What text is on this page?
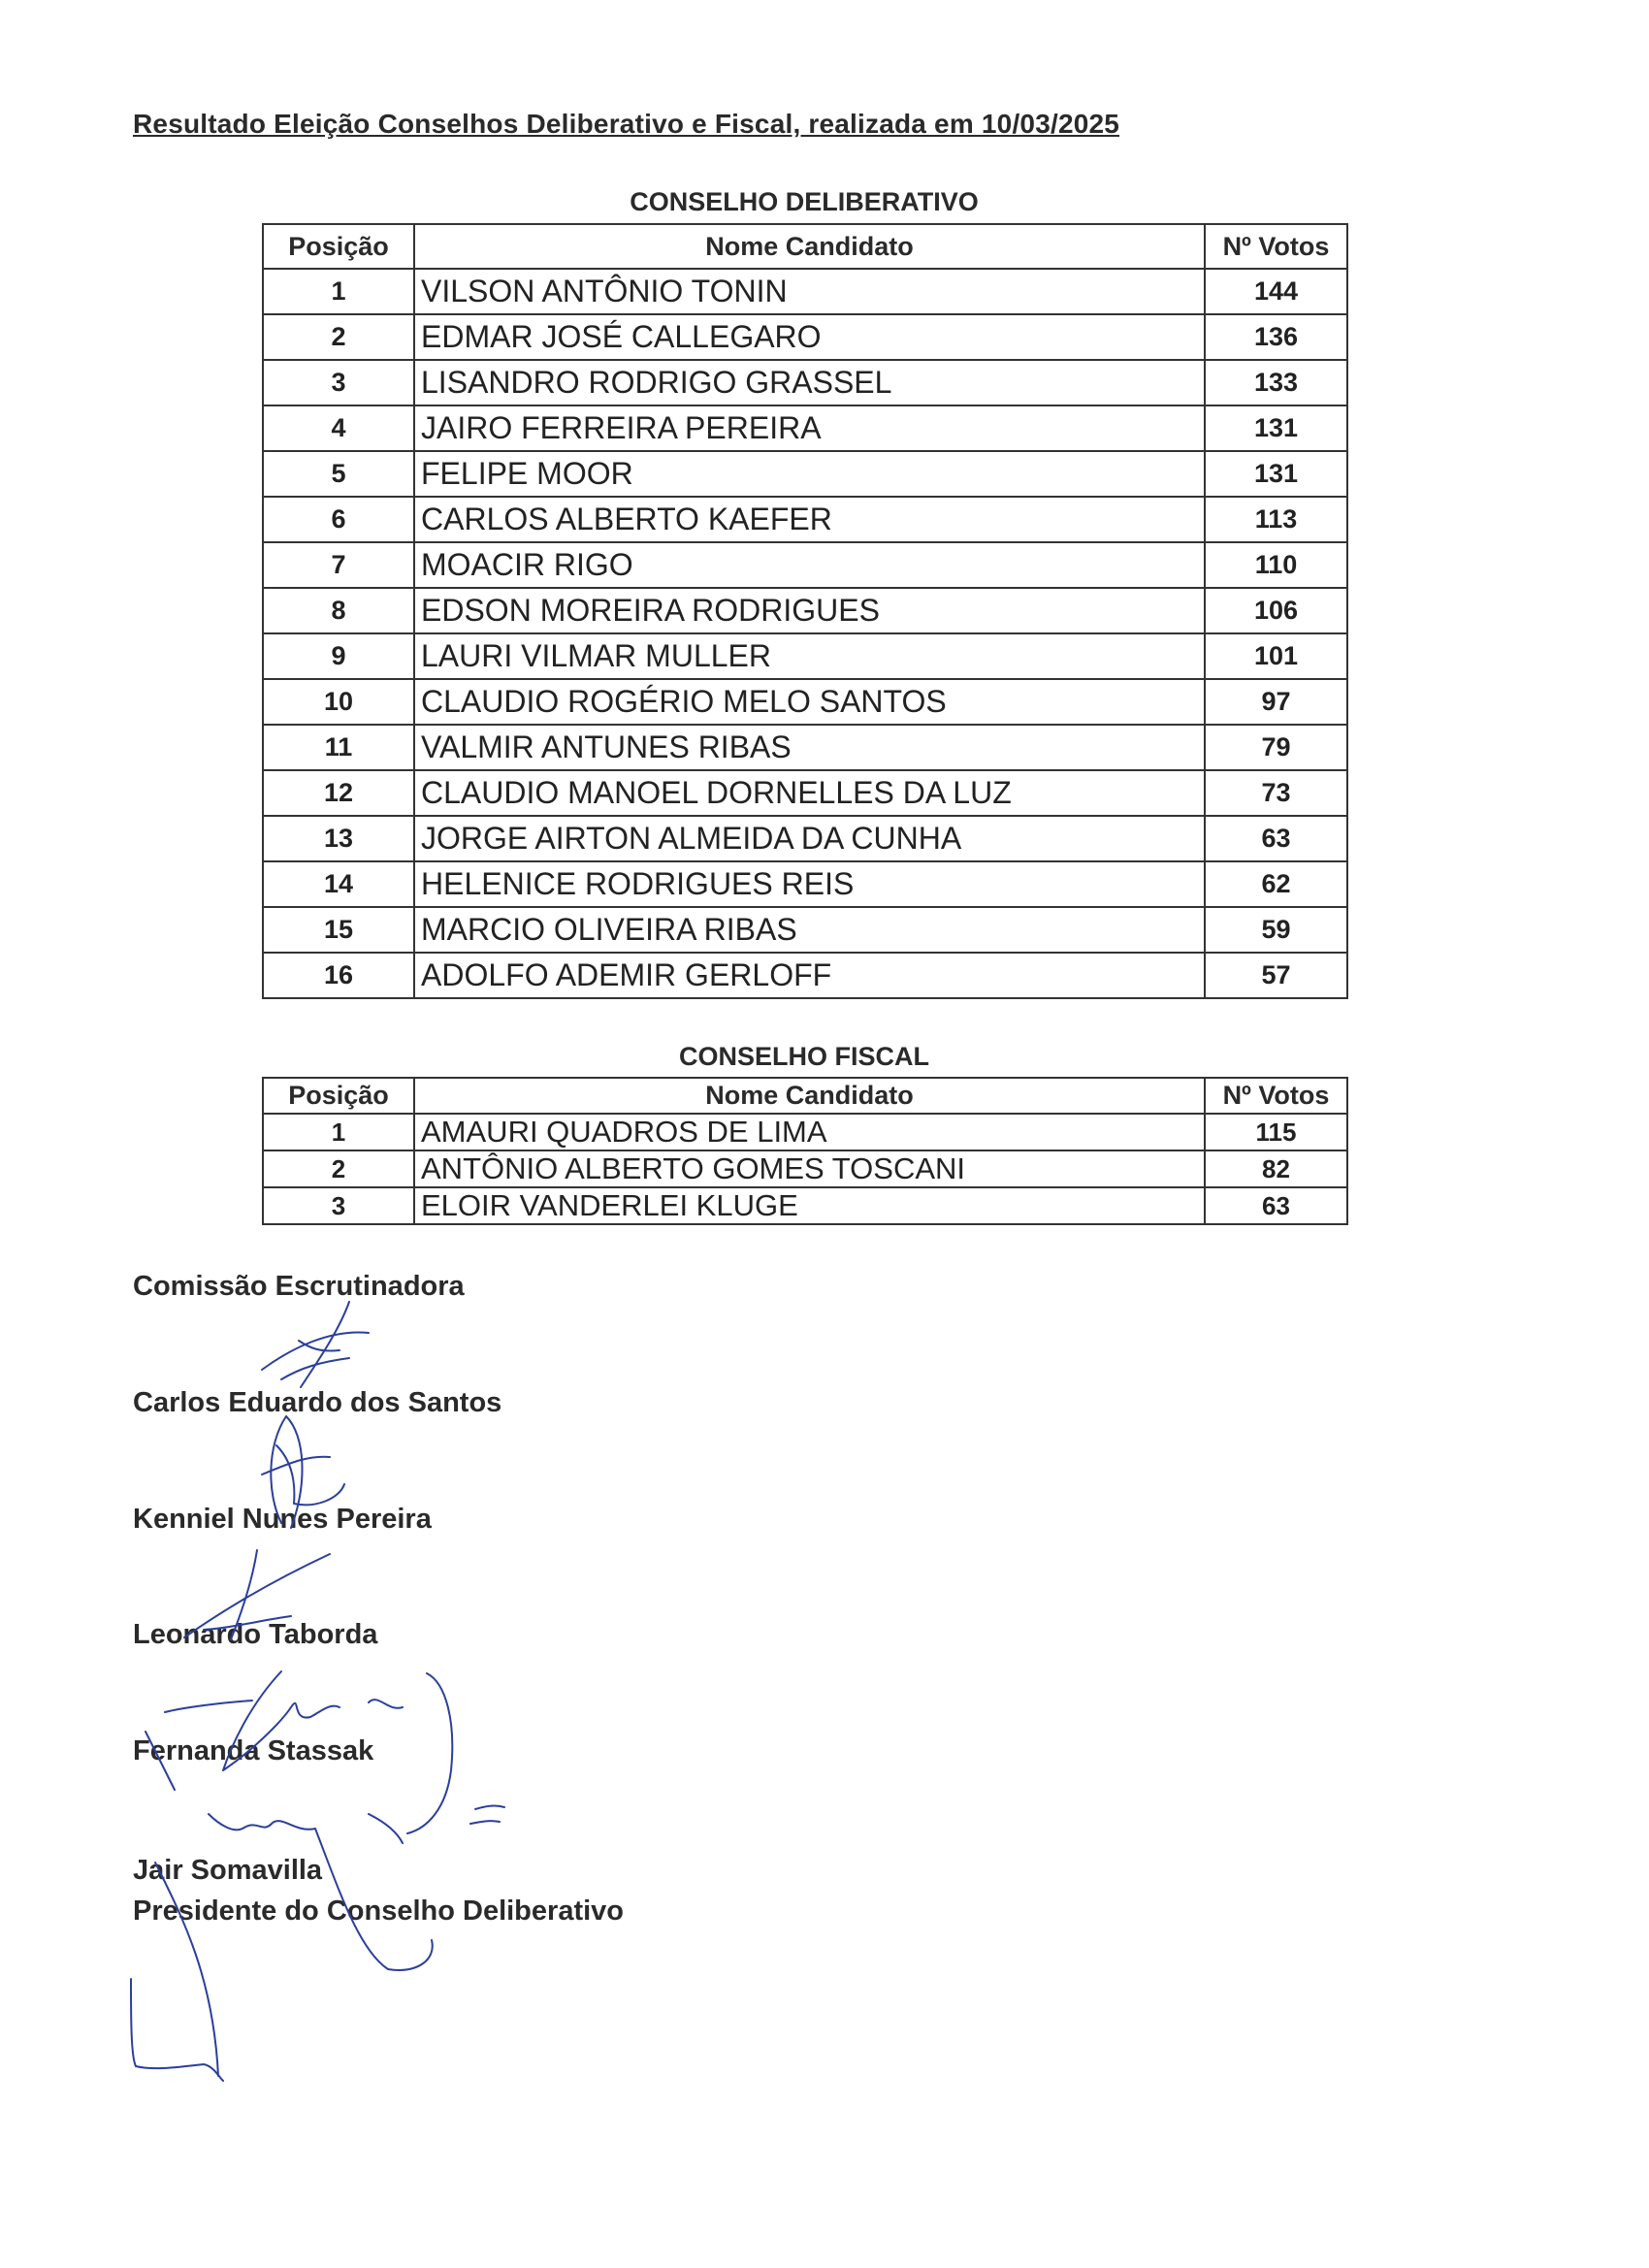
Resultado Eleição Conselhos Deliberativo e Fiscal, realizada em 10/03/2025
CONSELHO DELIBERATIVO
Posição	Nome Candidato	Nº Votos
1	VILSON ANTÔNIO TONIN	144
2	EDMAR JOSÉ CALLEGARO	136
3	LISANDRO RODRIGO GRASSEL	133
4	JAIRO FERREIRA PEREIRA	131
5	FELIPE MOOR	131
6	CARLOS ALBERTO KAEFER	113
7	MOACIR RIGO	110
8	EDSON MOREIRA RODRIGUES	106
9	LAURI VILMAR MULLER	101
10	CLAUDIO ROGÉRIO MELO SANTOS	97
11	VALMIR ANTUNES RIBAS	79
12	CLAUDIO MANOEL DORNELLES DA LUZ	73
13	JORGE AIRTON ALMEIDA DA CUNHA	63
14	HELENICE RODRIGUES REIS	62
15	MARCIO OLIVEIRA RIBAS	59
16	ADOLFO ADEMIR GERLOFF	57
CONSELHO FISCAL
Posição	Nome Candidato	Nº Votos
1	AMAURI QUADROS DE LIMA	115
2	ANTÔNIO ALBERTO GOMES TOSCANI	82
3	ELOIR VANDERLEI KLUGE	63
Comissão Escrutinadora
Carlos Eduardo dos Santos
Kenniel Nunes Pereira
Leonardo Taborda
Fernanda Stassak
Jair Somavilla
Presidente do Conselho Deliberativo
